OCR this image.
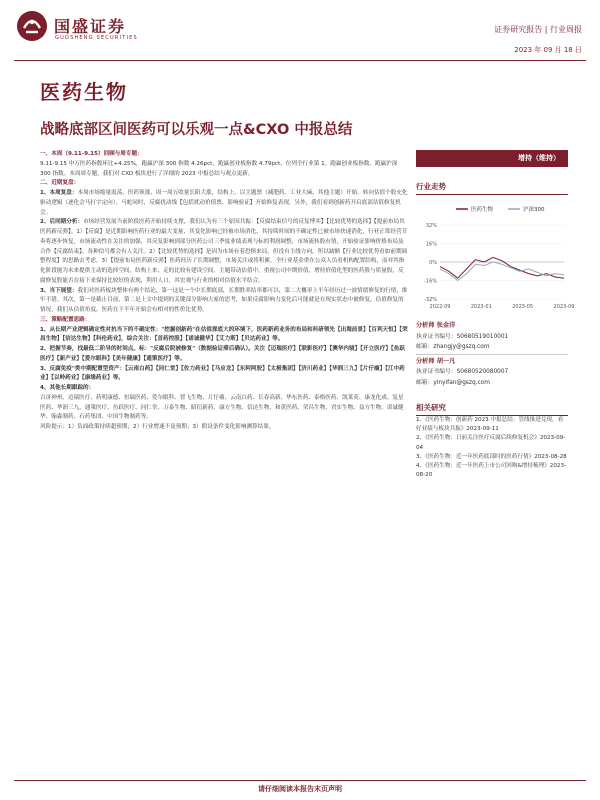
国盛证券
GUOSHENG SECURITIES
证券研究报告 | 行业周报
2023 年 09 月 18 日
医药生物
战略底部区间医药可以乐观一点&CXO 中报总结

一、本周（9.11-9.15）回顾与周专题：

9.11-9.15 申万医药指数环比+4.25%，跑赢沪深 300 指数 4.26pct，跑赢创业板指数 4.79pct，位列全行业第 1。跑赢创业板指数，跑赢沪深 300 指数。本周周专题，我们对 CXO 板块进行了详细的 2023 中报总结与观点更新。

二、近期复盘：

1、本周复盘：本周市场缩量震荡，医药领涨，周一周五收量长阳大涨，结构上，以主题票（减肥药、工业大麻、其他主题）开始，转向估值个股充化驱动逻辑（逐化会马打字定向），马蛇同时，反腐扰动线【包括扰动价值票、影响验证】开始修复表现，另外，我们看到创新药开启底部估值修复机会。

2、后同期分析：市场经营发展当前阶段医药开始持续支撑，我们认为有三个原因共振：【反腐结束信号的反复博弈】【比较优势的选择】【提前布局其医药新反弹】。1）【反腐】是近期影响医药行业的最大变量，其变化影响已经被市场消化，其持续时间的不确定性已被市场快速消化，行业正常经营节奏将逐步恢复，市场流动性在关注的加强，其反复影响到部分医药公司三季度业绩表现与标的利润调整，市场流转股有情，开始验证影响价格布局及合作【反腐结束】。各种信号都会有人关注。2）【比较优势的选择】是因为市场有着恐惧来局，但没有主线方向，所以缺额【行业比较优势看如前期调整程度】的思路去考虑。3）【提前布局医药新反弹】医药经历了长期调整，市场关注或将积累，全行业基金重在公众人员看机构配置结构，而对其指化阶段能为未来提供主动的选择空间，结构上来，走的比较有建设空间，主题带动估值中，重视公司中期价值，增持价值化型的医药股与质量股，反腐修复股能否在接下来保持比较好的表现，利用人口，其宏观与行业的相对估值水平结合。

3、当下展望：我们对医药板块整体有两个结论，第一这是一个中长期底部，长期胜率结率都可以，第二大概率上半年经历过一波情绪修复的行情，维牢不错。其次，第一是截止目前，第二是上文中提到的关键部分影响大家的思考，如果反腐影响力变化后可能就是在现实状态中被修复，估值修复的情况，我们从估值角度，医药在下半年开始会有相对的性价比优势。

三、策略配置思路：

1、从长期产业逻辑确定性对抗当下的不确定性："挖掘创新药"在估值探底大的环境下，医药新药业务的布局和科研领先【出海前景】【百利天恒】【荣昌生物】【信达生物】【科伦药业】，综合关注：【首药控股】【诺诚健华】【艾力斯】【贝达药业】等。

2、把握节奏，找最低二阶导的时间点。标："反腐后院被修复"（数据验证滞后确认）。关注【迈瑞医疗】【联影医疗】【澳华内镜】【开立医疗】【鱼跃医疗】【新产业】【爱尔眼科】【美年健康】【通策医疗】等。

3、反腐免疫"类中期配置型资产：【云南白药】【同仁堂】【佐力药业】【马应龙】【东阿阿胶】【太极集团】【济川药业】【华润三九】【片仔癀】【江中药业】【以岭药业】【康缘药业】等。

4、其他长期跟踪的：

百济神州、迈瑞医疗、药明康德、恒瑞医药、爱尔眼科、智飞生物、片仔癀、云南白药、长春高新、华东医药、泰格医药、凯莱英、康龙化成、复星医药、华润三九、通策医疗、鱼跃医疗、同仁堂、万泰生物、昭衍新药、康方生物、信达生物、和黄医药、荣昌生物、君实生物、益方生物、诺诚健华、翰森制药、石药集团、中国生物制药等。

风险提示：1）负面政策持续超预期；2）行业增速不及预期；3）假设条件变化影响测算结果。

增持（维持）
行业走势
医药生物	沪深300
32%
16%
0%
-16%
-32%
2022-09	2023-01	2023-05	2023-09
分析师 张金洋
执业证书编号：S0680519010001
邮箱：zhangjy@gszq.com
分析师 胡一凡
执业证书编号：S0680520080007
邮箱：yinyifan@gszq.com
相关研究

1、《医药生物：创新药 2023 中报总结：管线推进兑现，看好业绩与板块共振》2023-09-11

2、《医药生物：日前关注医疗反腐后续修复机会》2023-09-04

3、《医药生物：近一年医药底部时的医药行情》2023-08-28

4、《医药生物：近一年医药上市公司回购&增持梳理》2023-08-20

请仔细阅读本报告末页声明
